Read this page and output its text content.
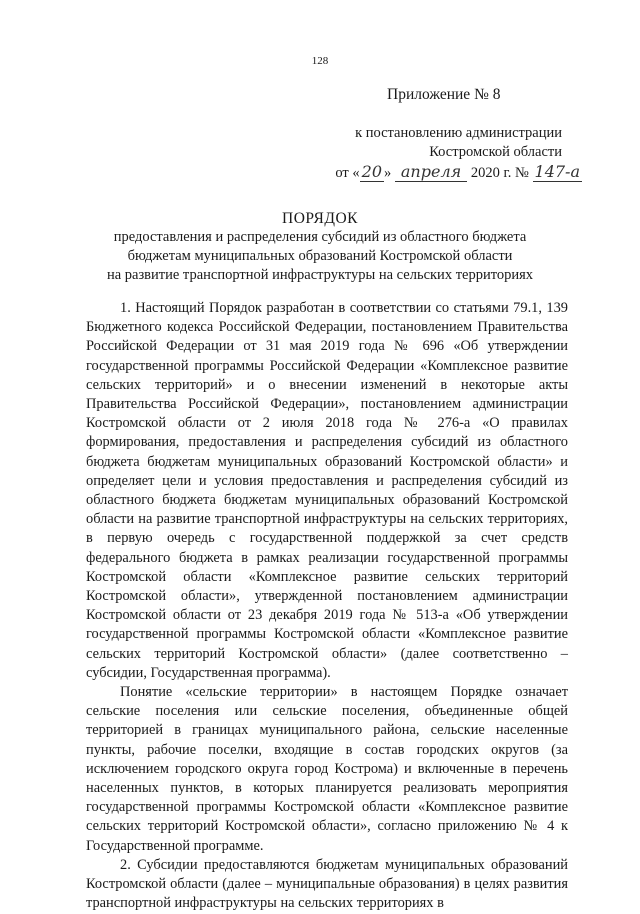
128
Приложение № 8
к постановлению администрации
Костромской области
от « 20 » апреля 2020 г. № 147-а
ПОРЯДОК
предоставления и распределения субсидий из областного бюджета
бюджетам муниципальных образований Костромской области
на развитие транспортной инфраструктуры на сельских территориях

1. Настоящий Порядок разработан в соответствии со статьями 79.1, 139 Бюджетного кодекса Российской Федерации, постановлением Правительства Российской Федерации от 31 мая 2019 года № 696 «Об утверждении государственной программы Российской Федерации «Комплексное развитие сельских территорий» и о внесении изменений в некоторые акты Правительства Российской Федерации», постановлением администрации Костромской области от 2 июля 2018 года № 276-а «О правилах формирования, предоставления и распределения субсидий из областного бюджета бюджетам муниципальных образований Костромской области» и определяет цели и условия предоставления и распределения субсидий из областного бюджета бюджетам муниципальных образований Костромской области на развитие транспортной инфраструктуры на сельских территориях, в первую очередь с государственной поддержкой за счет средств федерального бюджета в рамках реализации государственной программы Костромской области «Комплексное развитие сельских территорий Костромской области», утвержденной постановлением администрации Костромской области от 23 декабря 2019 года № 513-а «Об утверждении государственной программы Костромской области «Комплексное развитие сельских территорий Костромской области» (далее соответственно – субсидии, Государственная программа).

Понятие «сельские территории» в настоящем Порядке означает сельские поселения или сельские поселения, объединенные общей территорией в границах муниципального района, сельские населенные пункты, рабочие поселки, входящие в состав городских округов (за исключением городского округа город Кострома) и включенные в перечень населенных пунктов, в которых планируется реализовать мероприятия государственной программы Костромской области «Комплексное развитие сельских территорий Костромской области», согласно приложению № 4 к Государственной программе.

2. Субсидии предоставляются бюджетам муниципальных образований Костромской области (далее – муниципальные образования) в целях развития транспортной инфраструктуры на сельских территориях в
